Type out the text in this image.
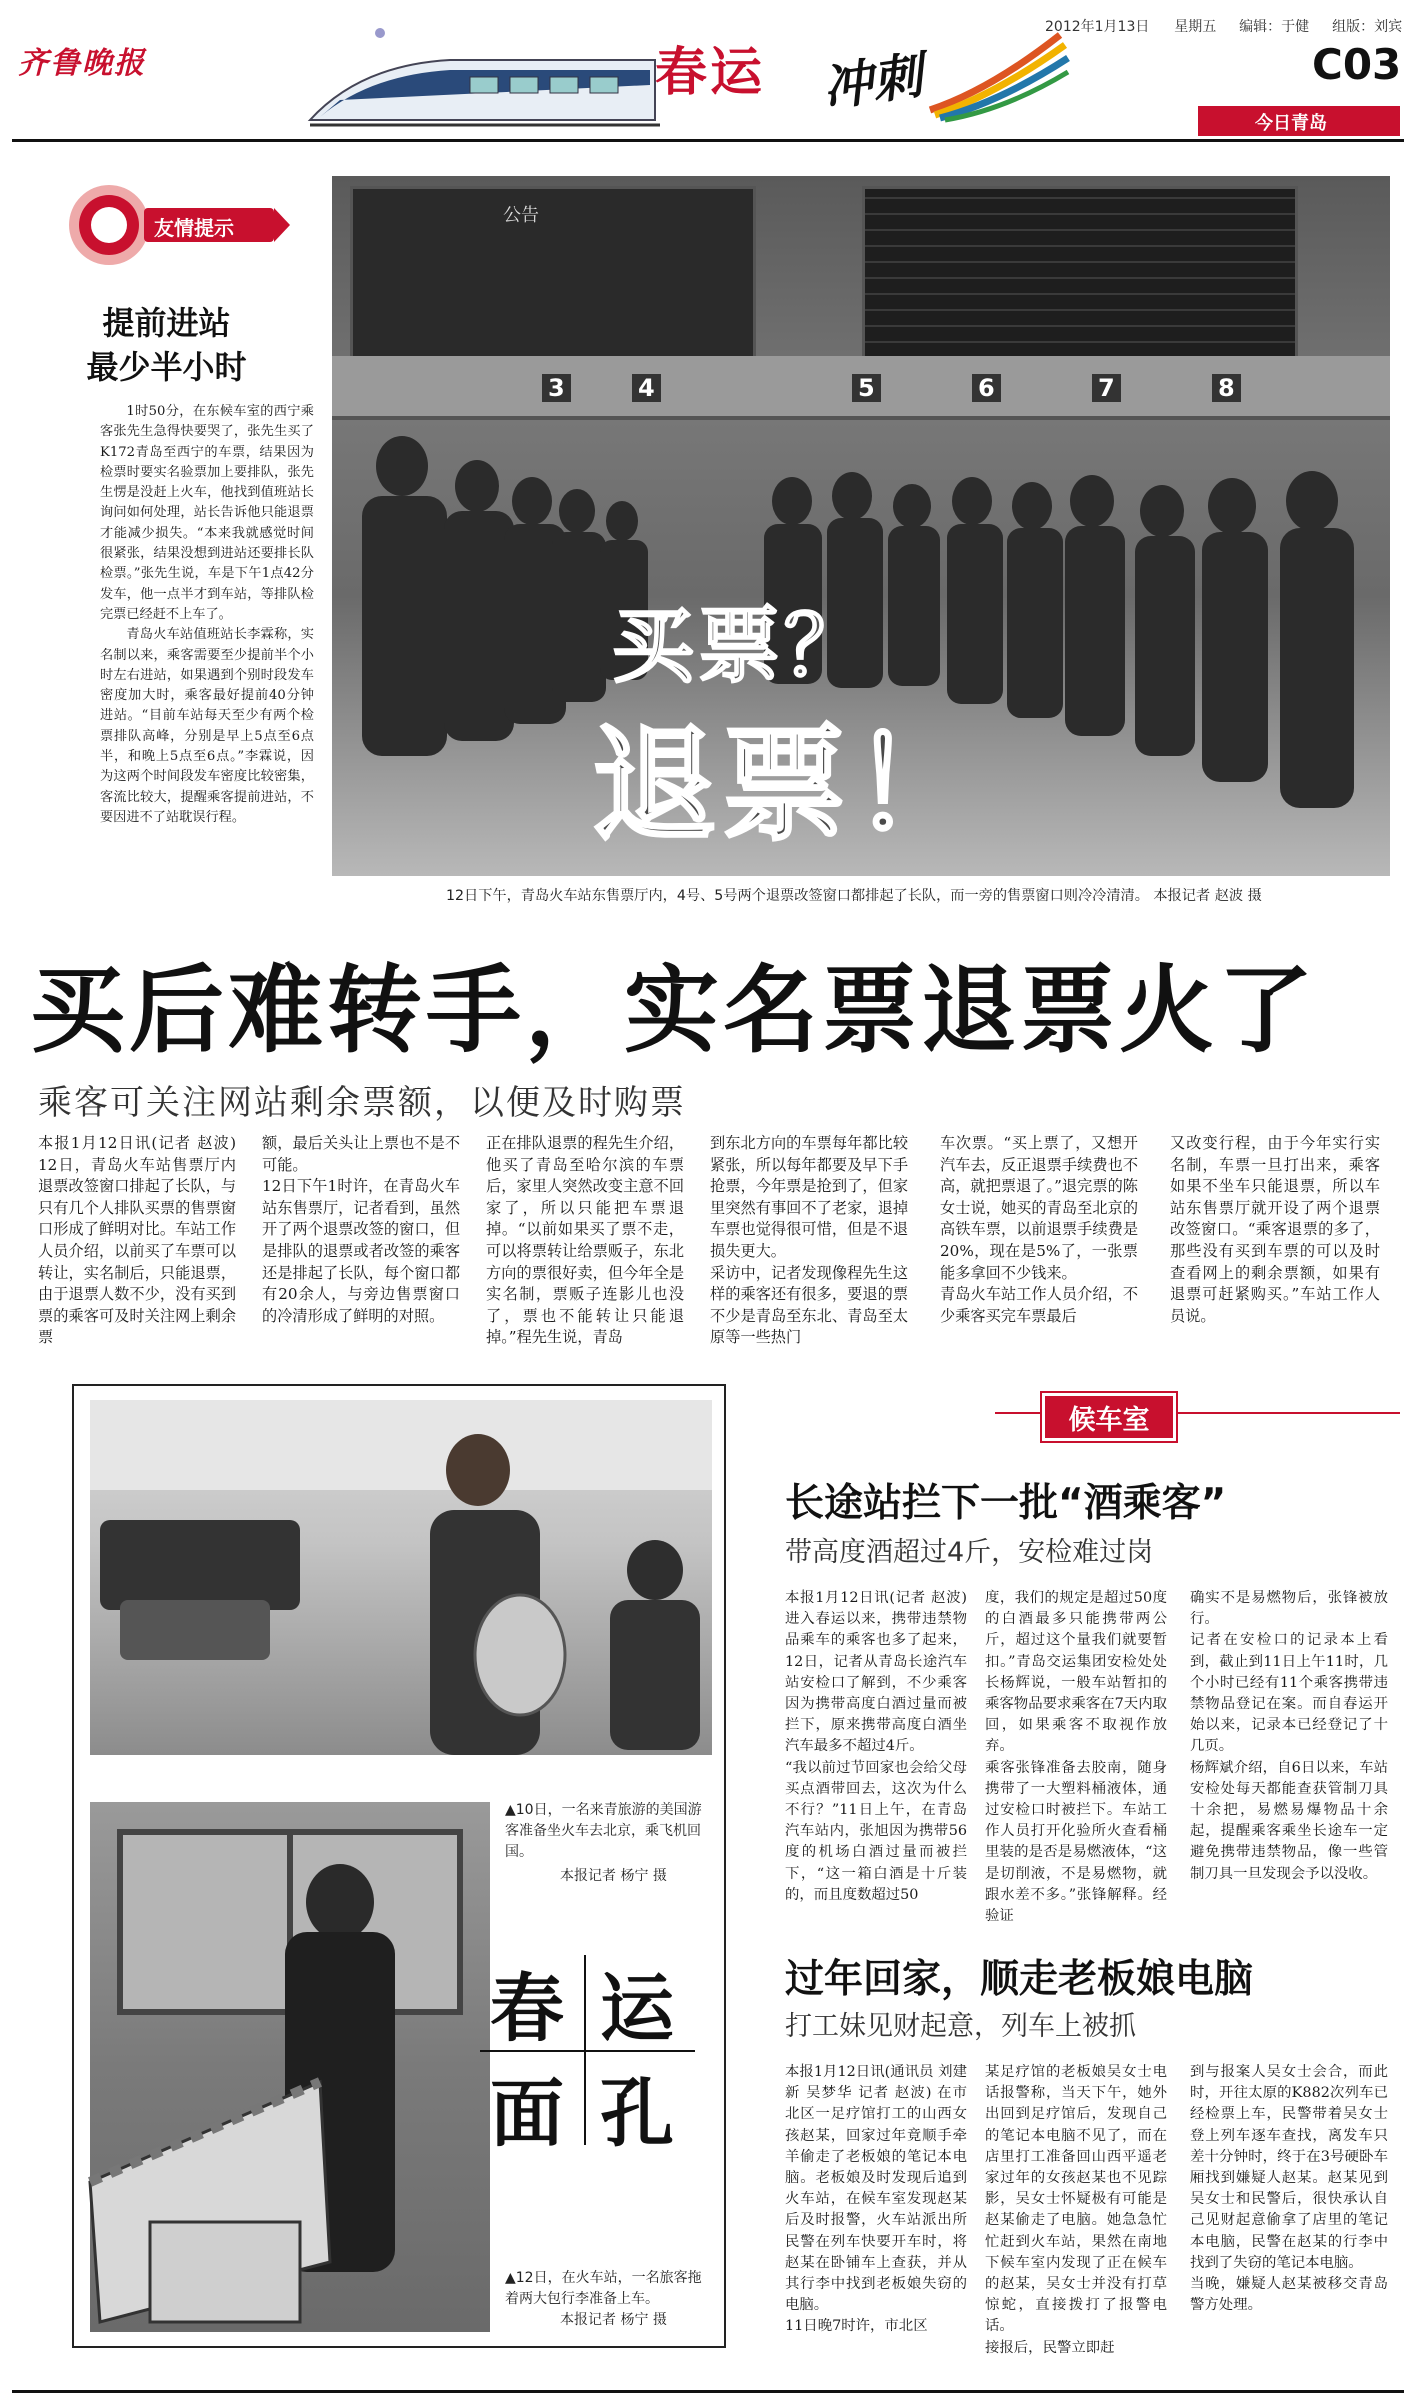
齐鲁晚报	春运 冲刺
2012年1月13日 星期五 编辑：于健 组版：刘宾
C03
今日青岛
友情提示
提前进站
最少半小时

1时50分，在东候车室的西宁乘客张先生急得快要哭了，张先生买了K172青岛至西宁的车票，结果因为检票时要实名验票加上要排队，张先生愣是没赶上火车，他找到值班站长询问如何处理，站长告诉他只能退票才能减少损失。“本来我就感觉时间很紧张，结果没想到进站还要排长队检票。”张先生说，车是下午1点42分发车，他一点半才到车站，等排队检完票已经赶不上车了。

青岛火车站值班站长李霖称，实名制以来，乘客需要至少提前半个小时左右进站，如果遇到个别时段发车密度加大时，乘客最好提前40分钟进站。“目前车站每天至少有两个检票排队高峰，分别是早上5点至6点半，和晚上5点至6点。”李霖说，因为这两个时间段发车密度比较密集，客流比较大，提醒乘客提前进站，不要因进不了站耽误行程。

公告
3	4	5	6	7	8
买票？
退票！
12日下午，青岛火车站东售票厅内，4号、5号两个退票改签窗口都排起了长队，而一旁的售票窗口则冷冷清清。 本报记者 赵波 摄
买后难转手，实名票退票火了
乘客可关注网站剩余票额，以便及时购票
本报1月12日讯(记者 赵波) 12日，青岛火车站售票厅内退票改签窗口排起了长队，与只有几个人排队买票的售票窗口形成了鲜明对比。车站工作人员介绍，以前买了车票可以转让，实名制后，只能退票，由于退票人数不少，没有买到票的乘客可及时关注网上剩余票
额，最后关头让上票也不是不可能。
12日下午1时许，在青岛火车站东售票厅，记者看到，虽然开了两个退票改签的窗口，但是排队的退票或者改签的乘客还是排起了长队，每个窗口都有20余人，与旁边售票窗口的冷清形成了鲜明的对照。
正在排队退票的程先生介绍，他买了青岛至哈尔滨的车票后，家里人突然改变主意不回家了，所以只能把车票退掉。“以前如果买了票不走，可以将票转让给票贩子，东北方向的票很好卖，但今年全是实名制，票贩子连影儿也没了，票也不能转让只能退掉。”程先生说，青岛
到东北方向的车票每年都比较紧张，所以每年都要及早下手抢票，今年票是抢到了，但家里突然有事回不了老家，退掉车票也觉得很可惜，但是不退损失更大。
采访中，记者发现像程先生这样的乘客还有很多，要退的票不少是青岛至东北、青岛至太原等一些热门
车次票。“买上票了，又想开汽车去，反正退票手续费也不高，就把票退了。”退完票的陈女士说，她买的青岛至北京的高铁车票，以前退票手续费是20%，现在是5%了，一张票能多拿回不少钱来。
青岛火车站工作人员介绍，不少乘客买完车票最后
又改变行程，由于今年实行实名制，车票一旦打出来，乘客如果不坐车只能退票，所以车站东售票厅就开设了两个退票改签窗口。“乘客退票的多了，那些没有买到车票的可以及时查看网上的剩余票额，如果有退票可赶紧购买。”车站工作人员说。
▲10日，一名来青旅游的美国游客准备坐火车去北京，乘飞机回国。
本报记者 杨宁 摄
春 运
面 孔
▲12日，在火车站，一名旅客拖着两大包行李准备上车。
本报记者 杨宁 摄
候车室
长途站拦下一批“酒乘客”
带高度酒超过4斤，安检难过岗
本报1月12日讯(记者 赵波) 进入春运以来，携带违禁物品乘车的乘客也多了起来，12日，记者从青岛长途汽车站安检口了解到，不少乘客因为携带高度白酒过量而被拦下，原来携带高度白酒坐汽车最多不超过4斤。
“我以前过节回家也会给父母买点酒带回去，这次为什么不行？”11日上午，在青岛汽车站内，张旭因为携带56度的机场白酒过量而被拦下，“这一箱白酒是十斤装的，而且度数超过50
度，我们的规定是超过50度的白酒最多只能携带两公斤，超过这个量我们就要暂扣。”青岛交运集团安检处处长杨辉说，一般车站暂扣的乘客物品要求乘客在7天内取回，如果乘客不取视作放弃。
乘客张锋准备去胶南，随身携带了一大塑料桶液体，通过安检口时被拦下。车站工作人员打开化验所火查看桶里装的是否是易燃液体，“这是切削液，不是易燃物，就跟水差不多。”张锋解释。经验证
确实不是易燃物后，张锋被放行。
记者在安检口的记录本上看到，截止到11日上午11时，几个小时已经有11个乘客携带违禁物品登记在案。而自春运开始以来，记录本已经登记了十几页。
杨辉斌介绍，自6日以来，车站安检处每天都能查获管制刀具十余把，易燃易爆物品十余起，提醒乘客乘坐长途车一定避免携带违禁物品，像一些管制刀具一旦发现会予以没收。
过年回家，顺走老板娘电脑
打工妹见财起意，列车上被抓
本报1月12日讯(通讯员 刘建新 吴梦华 记者 赵波) 在市北区一足疗馆打工的山西女孩赵某，回家过年竟顺手牵羊偷走了老板娘的笔记本电脑。老板娘及时发现后追到火车站，在候车室发现赵某后及时报警，火车站派出所民警在列车快要开车时，将赵某在卧铺车上查获，并从其行李中找到老板娘失窃的电脑。
11日晚7时许，市北区
某足疗馆的老板娘吴女士电话报警称，当天下午，她外出回到足疗馆后，发现自己的笔记本电脑不见了，而在店里打工准备回山西平遥老家过年的女孩赵某也不见踪影，吴女士怀疑极有可能是赵某偷走了电脑。她急急忙忙赶到火车站，果然在南地下候车室内发现了正在候车的赵某，吴女士并没有打草惊蛇，直接拨打了报警电话。
接报后，民警立即赶
到与报案人吴女士会合，而此时，开往太原的K882次列车已经检票上车，民警带着吴女士登上列车逐车查找，离发车只差十分钟时，终于在3号硬卧车厢找到嫌疑人赵某。赵某见到吴女士和民警后，很快承认自己见财起意偷拿了店里的笔记本电脑，民警在赵某的行李中找到了失窃的笔记本电脑。
当晚，嫌疑人赵某被移交青岛警方处理。
